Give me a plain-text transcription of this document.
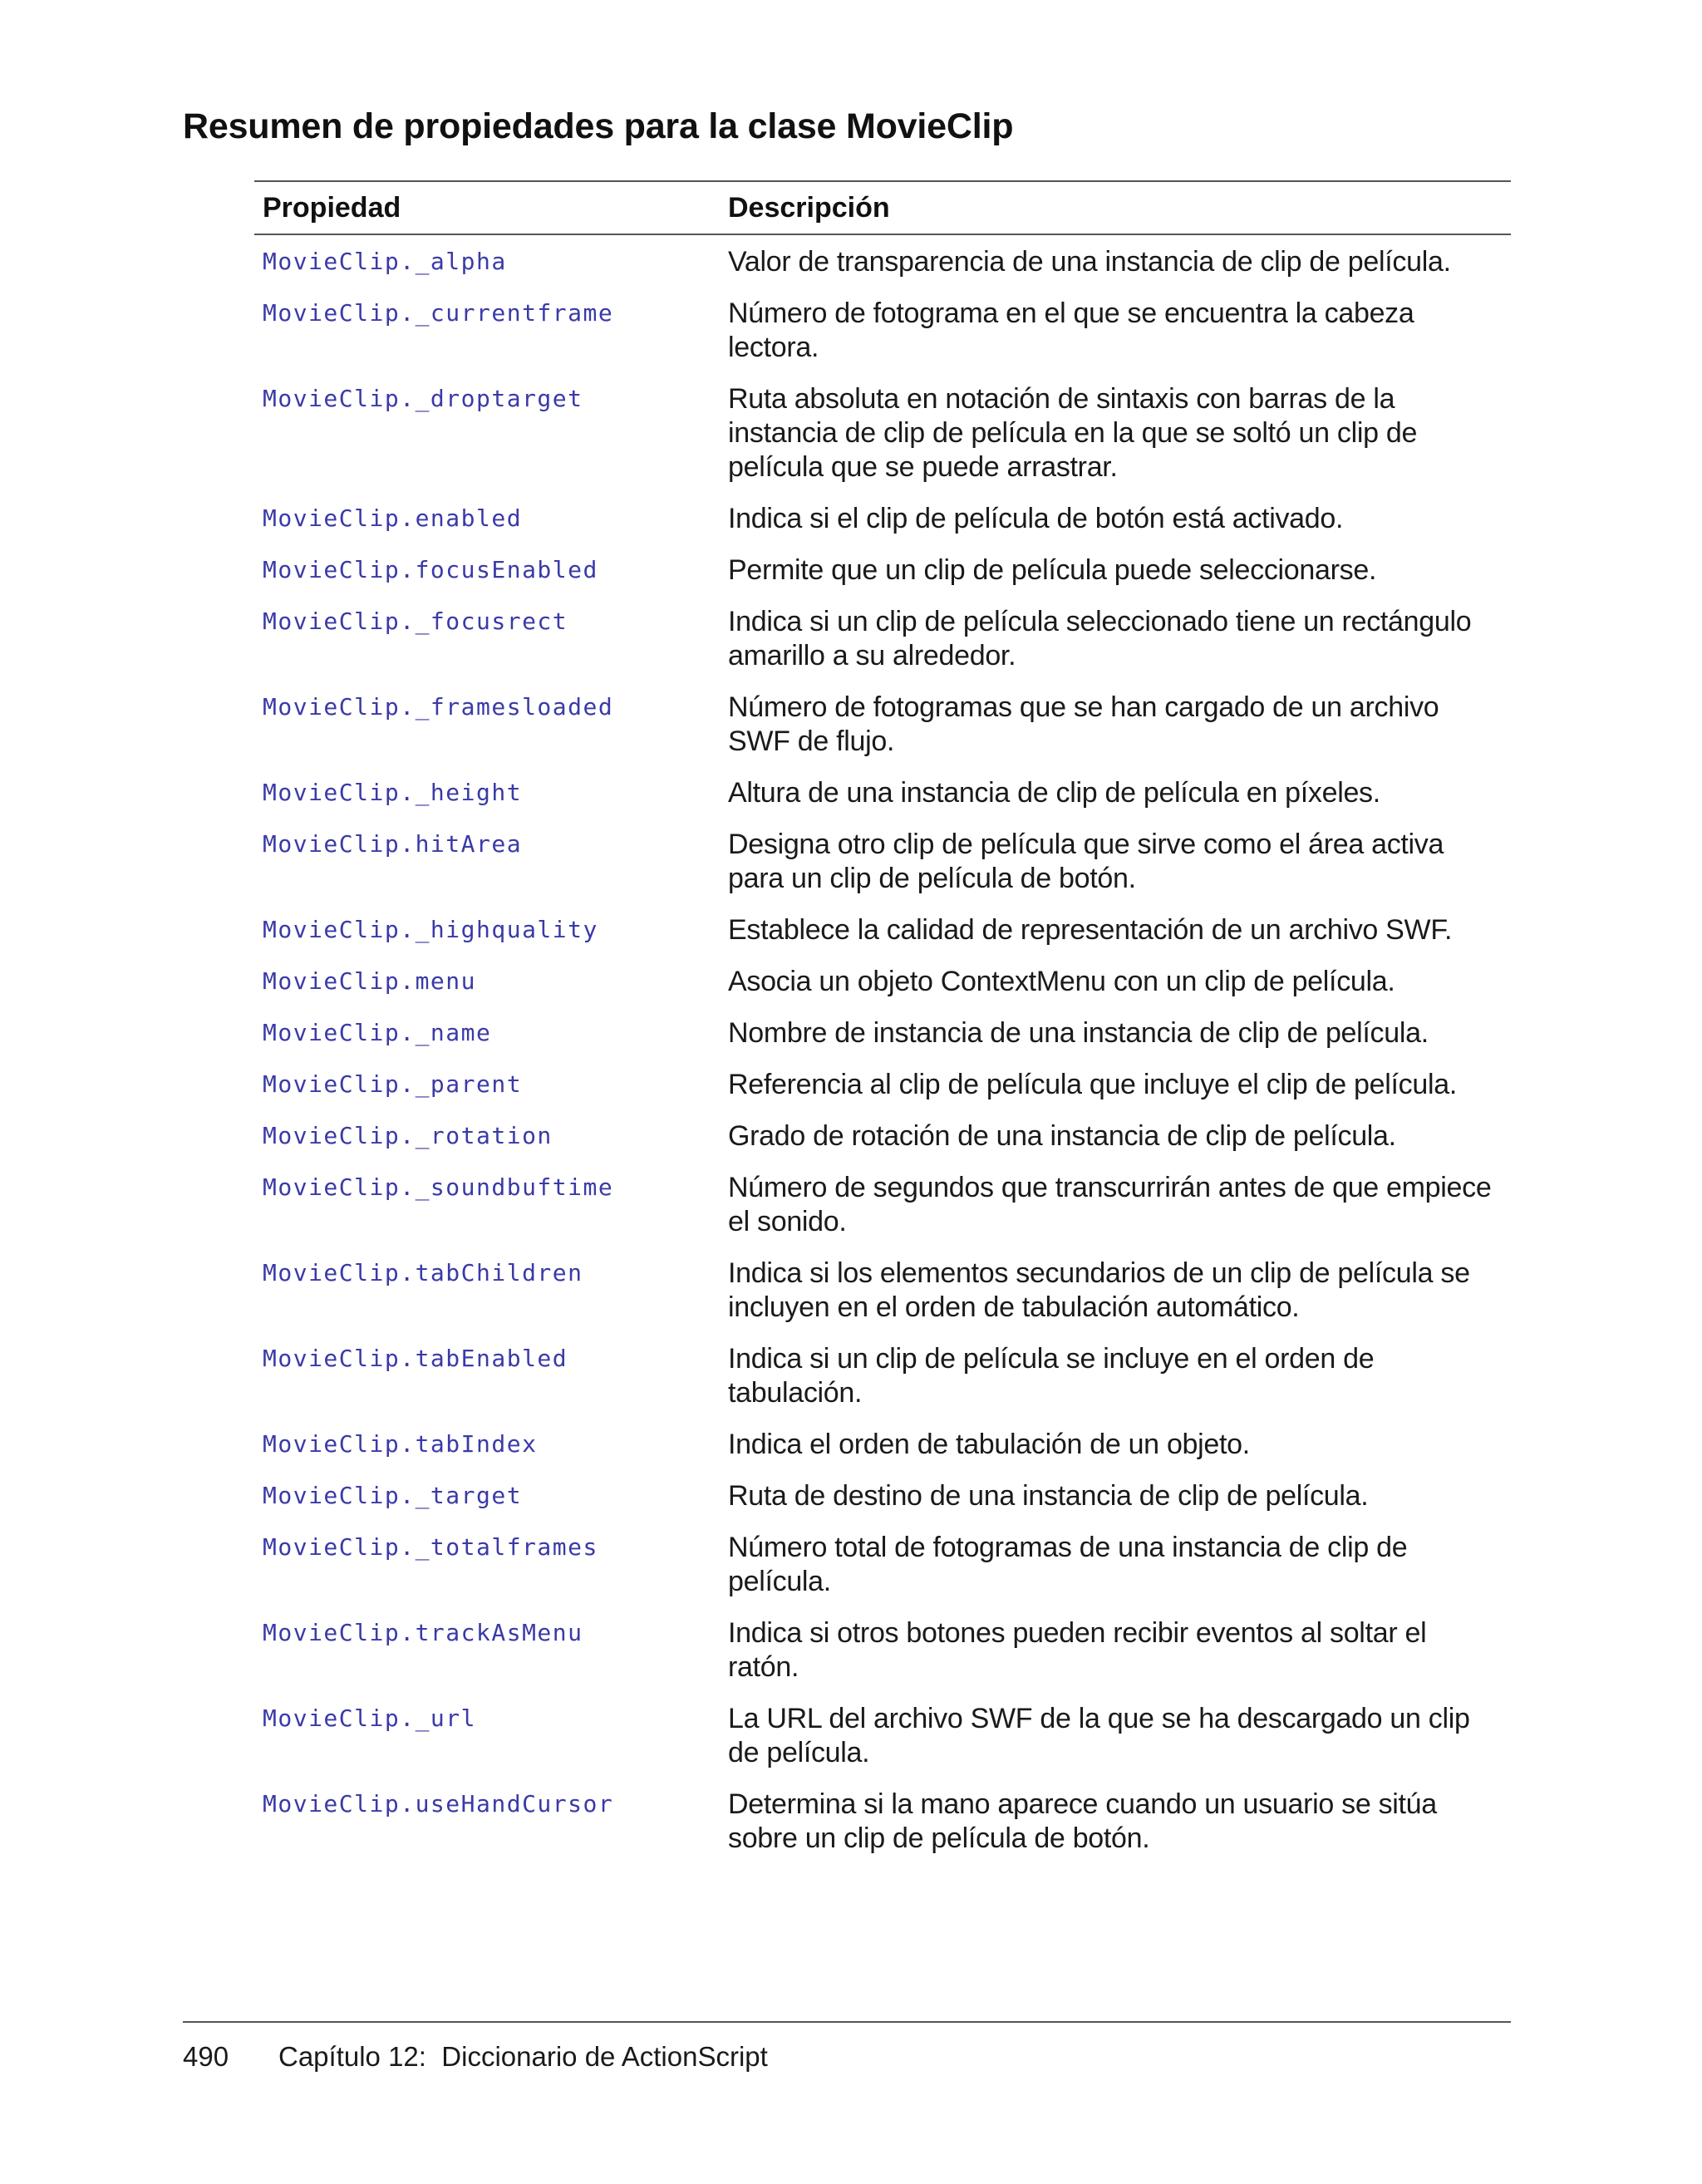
Resumen de propiedades para la clase MovieClip
Propiedad	Descripción
MovieClip._alpha	Valor de transparencia de una instancia de clip de película.
MovieClip._currentframe	Número de fotograma en el que se encuentra la cabeza lectora.
MovieClip._droptarget	Ruta absoluta en notación de sintaxis con barras de la instancia de clip de película en la que se soltó un clip de película que se puede arrastrar.
MovieClip.enabled	Indica si el clip de película de botón está activado.
MovieClip.focusEnabled	Permite que un clip de película puede seleccionarse.
MovieClip._focusrect	Indica si un clip de película seleccionado tiene un rectángulo amarillo a su alrededor.
MovieClip._framesloaded	Número de fotogramas que se han cargado de un archivo SWF de flujo.
MovieClip._height	Altura de una instancia de clip de película en píxeles.
MovieClip.hitArea	Designa otro clip de película que sirve como el área activa para un clip de película de botón.
MovieClip._highquality	Establece la calidad de representación de un archivo SWF.
MovieClip.menu	Asocia un objeto ContextMenu con un clip de película.
MovieClip._name	Nombre de instancia de una instancia de clip de película.
MovieClip._parent	Referencia al clip de película que incluye el clip de película.
MovieClip._rotation	Grado de rotación de una instancia de clip de película.
MovieClip._soundbuftime	Número de segundos que transcurrirán antes de que empiece el sonido.
MovieClip.tabChildren	Indica si los elementos secundarios de un clip de película se incluyen en el orden de tabulación automático.
MovieClip.tabEnabled	Indica si un clip de película se incluye en el orden de tabulación.
MovieClip.tabIndex	Indica el orden de tabulación de un objeto.
MovieClip._target	Ruta de destino de una instancia de clip de película.
MovieClip._totalframes	Número total de fotogramas de una instancia de clip de película.
MovieClip.trackAsMenu	Indica si otros botones pueden recibir eventos al soltar el ratón.
MovieClip._url	La URL del archivo SWF de la que se ha descargado un clip de película.
MovieClip.useHandCursor	Determina si la mano aparece cuando un usuario se sitúa sobre un clip de película de botón.
490 Capítulo 12:  Diccionario de ActionScript
